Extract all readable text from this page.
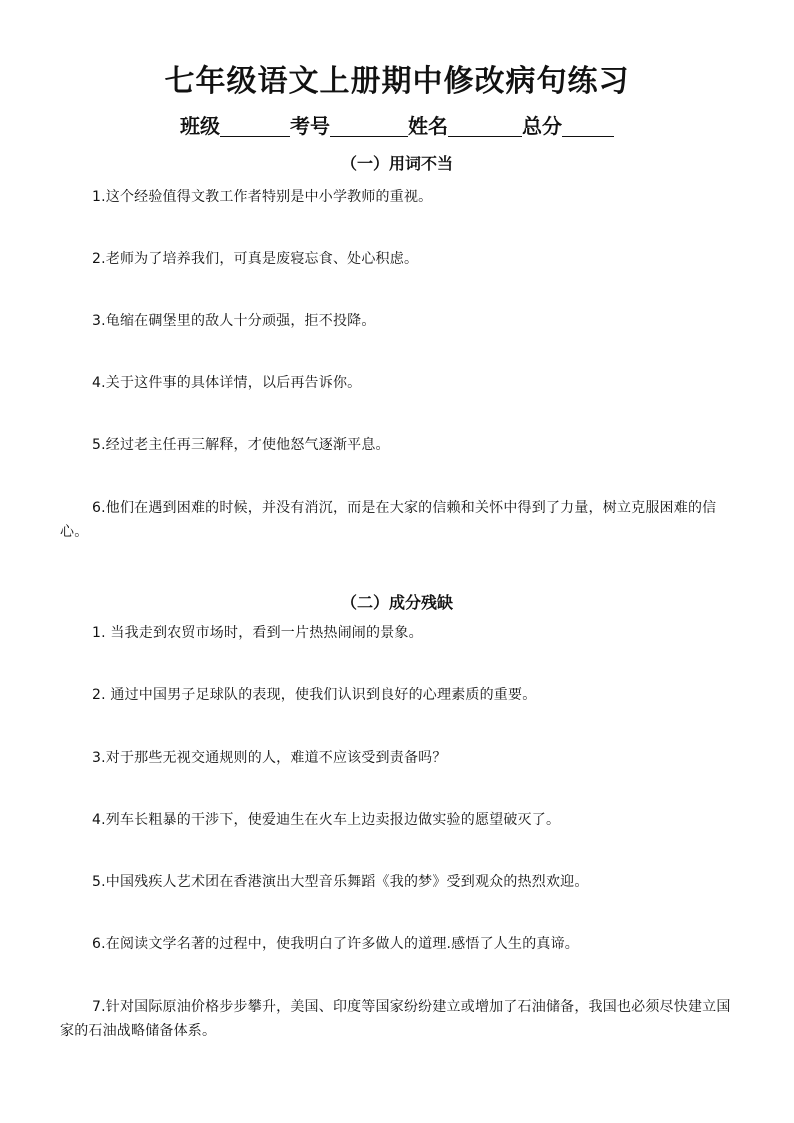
七年级语文上册期中修改病句练习
班级	考号	姓名	总分
（一）用词不当
1.这个经验值得文教工作者特别是中小学教师的重视。
2.老师为了培养我们，可真是废寝忘食、处心积虑。
3.龟缩在碉堡里的敌人十分顽强，拒不投降。
4.关于这件事的具体详情，以后再告诉你。
5.经过老主任再三解释，才使他怒气逐渐平息。
6.他们在遇到困难的时候，并没有消沉，而是在大家的信赖和关怀中得到了力量，树立克服困难的信心。
（二）成分残缺
1. 当我走到农贸市场时，看到一片热热闹闹的景象。
2. 通过中国男子足球队的表现，使我们认识到良好的心理素质的重要。
3.对于那些无视交通规则的人，难道不应该受到责备吗？
4.列车长粗暴的干涉下，使爱迪生在火车上边卖报边做实验的愿望破灭了。
5.中国残疾人艺术团在香港演出大型音乐舞蹈《我的梦》受到观众的热烈欢迎。
6.在阅读文学名著的过程中，使我明白了许多做人的道理.感悟了人生的真谛。
7.针对国际原油价格步步攀升，美国、印度等国家纷纷建立或增加了石油储备，我国也必须尽快建立国家的石油战略储备体系。
